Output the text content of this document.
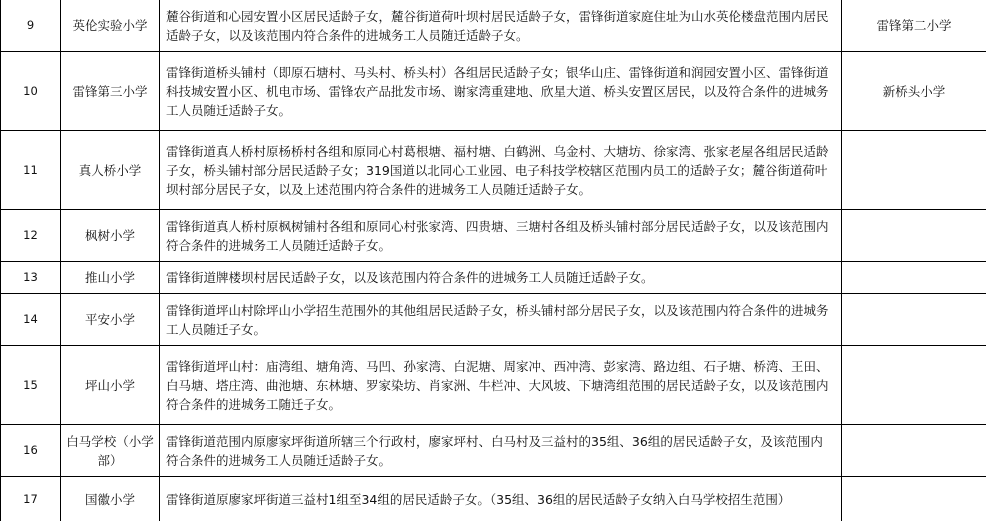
9	英伦实验小学	麓谷街道和心园安置小区居民适龄子女，麓谷街道荷叶坝村居民适龄子女，雷锋街道家庭住址为山水英伦楼盘范围内居民适龄子女，以及该范围内符合条件的进城务工人员随迁适龄子女。	雷锋第二小学
10	雷锋第三小学	雷锋街道桥头铺村（即原石塘村、马头村、桥头村）各组居民适龄子女；银华山庄、雷锋街道和润园安置小区、雷锋街道科技城安置小区、机电市场、雷锋农产品批发市场、谢家湾重建地、欣星大道、桥头安置区居民，以及符合条件的进城务工人员随迁适龄子女。	新桥头小学
11	真人桥小学	雷锋街道真人桥村原杨桥村各组和原同心村葛根塘、福村塘、白鹤洲、乌金村、大塘坊、徐家湾、张家老屋各组居民适龄子女，桥头铺村部分居民适龄子女；319国道以北同心工业园、电子科技学校辖区范围内员工的适龄子女；麓谷街道荷叶坝村部分居民子女，以及上述范围内符合条件的进城务工人员随迁适龄子女。	
12	枫树小学	雷锋街道真人桥村原枫树铺村各组和原同心村张家湾、四贵塘、三塘村各组及桥头铺村部分居民适龄子女，以及该范围内符合条件的进城务工人员随迁适龄子女。	
13	推山小学	雷锋街道牌楼坝村居民适龄子女，以及该范围内符合条件的进城务工人员随迁适龄子女。	
14	平安小学	雷锋街道坪山村除坪山小学招生范围外的其他组居民适龄子女，桥头铺村部分居民子女，以及该范围内符合条件的进城务工人员随迁子女。	
15	坪山小学	雷锋街道坪山村：庙湾组、塘角湾、马凹、孙家湾、白泥塘、周家冲、西冲湾、彭家湾、路边组、石子塘、桥湾、王田、白马塘、塔庄湾、曲池塘、东林塘、罗家染坊、肖家洲、牛栏冲、大风坡、下塘湾组范围的居民适龄子女，以及该范围内符合条件的进城务工随迁子女。	
16	白马学校（小学部）	雷锋街道范围内原廖家坪街道所辖三个行政村，廖家坪村、白马村及三益村的35组、36组的居民适龄子女，及该范围内符合条件的进城务工人员随迁适龄子女。	
17	国徽小学	雷锋街道原廖家坪街道三益村1组至34组的居民适龄子女。（35组、36组的居民适龄子女纳入白马学校招生范围）	
